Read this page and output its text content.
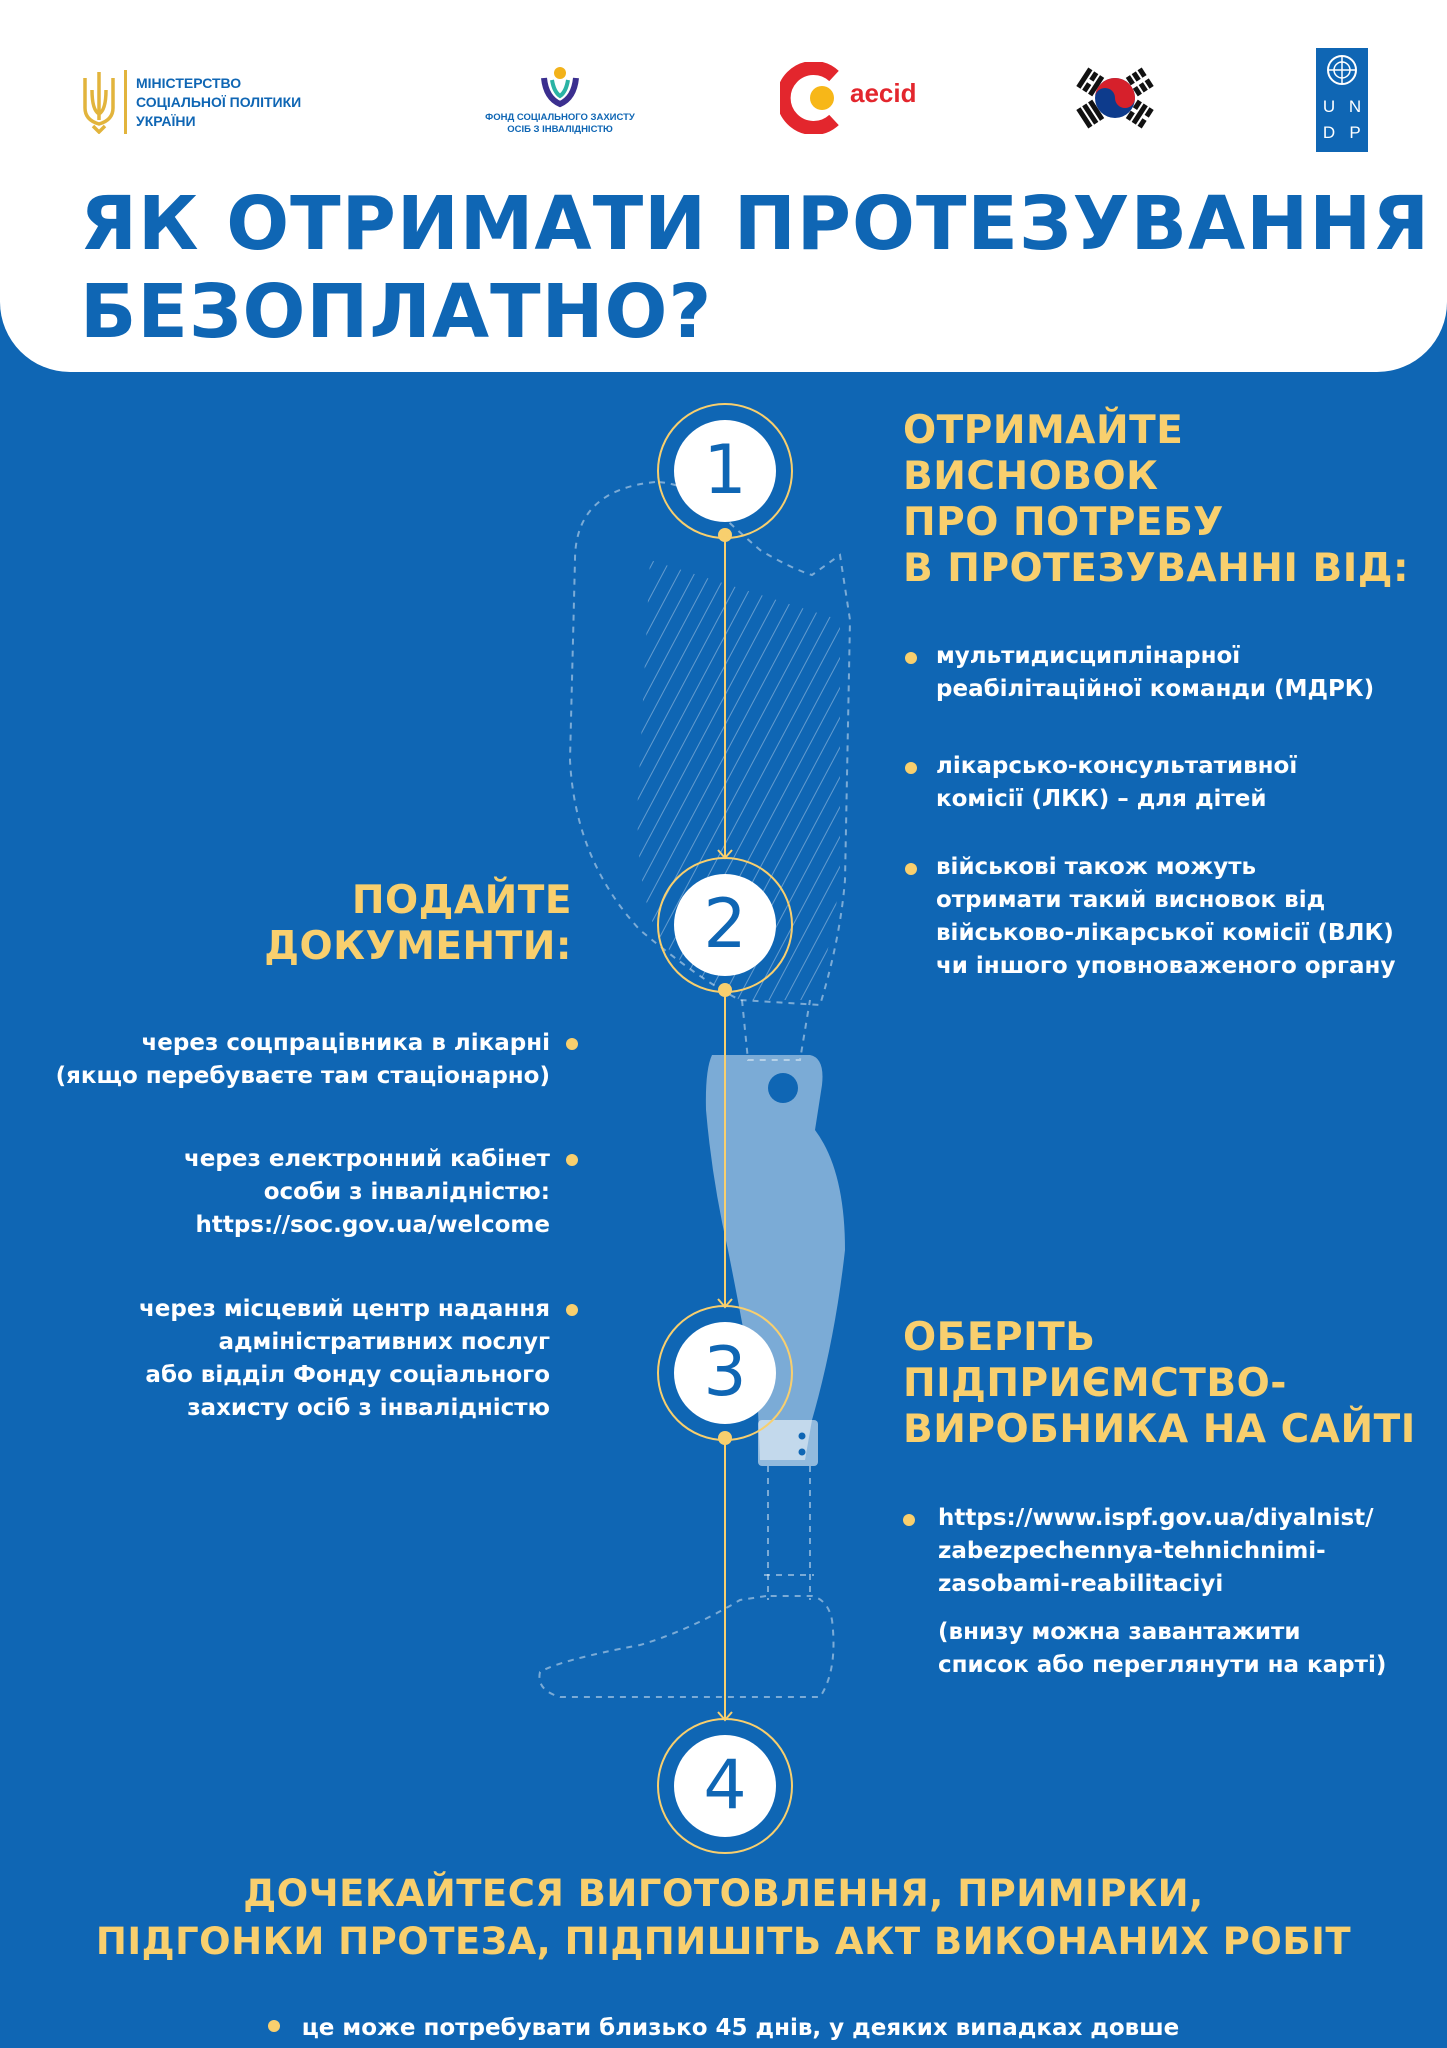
МІНІСТЕРСТВО
СОЦІАЛЬНОЇ ПОЛІТИКИ
УКРАЇНИ	ФОНД СОЦІАЛЬНОГО ЗАХИСТУ
ОСІБ З ІНВАЛІДНІСТЮ
aecid	U N
D P
ЯК ОТРИМАТИ ПРОТЕЗУВАННЯ
БЕЗОПЛАТНО?
1
2
3
4
ОТРИМАЙТЕ
ВИСНОВОК
ПРО ПОТРЕБУ
В ПРОТЕЗУВАННІ ВІД:
мультидисциплінарної
реабілітаційної команди (МДРК)
лікарсько-консультативної
комісії (ЛКК) – для дітей
військові також можуть
отримати такий висновок від
військово-лікарської комісії (ВЛК)
чи іншого уповноваженого органу
ПОДАЙТЕ
ДОКУМЕНТИ:
через соцпрацівника в лікарні
(якщо перебуваєте там стаціонарно)
через електронний кабінет
особи з інвалідністю:
https://soc.gov.ua/welcome
через місцевий центр надання
адміністративних послуг
або відділ Фонду соціального
захисту осіб з інвалідністю
ОБЕРІТЬ
ПІДПРИЄМСТВО-
ВИРОБНИКА НА САЙТІ
https://www.ispf.gov.ua/diyalnist/
zabezpechennya-tehnichnimi-
zasobami-reabilitaciyi
(внизу можна завантажити
список або переглянути на карті)
ДОЧЕКАЙТЕСЯ ВИГОТОВЛЕННЯ, ПРИМІРКИ,
ПІДГОНКИ ПРОТЕЗА, ПІДПИШІТЬ АКТ ВИКОНАНИХ РОБІТ
це може потребувати близько 45 днів, у деяких випадках довше
